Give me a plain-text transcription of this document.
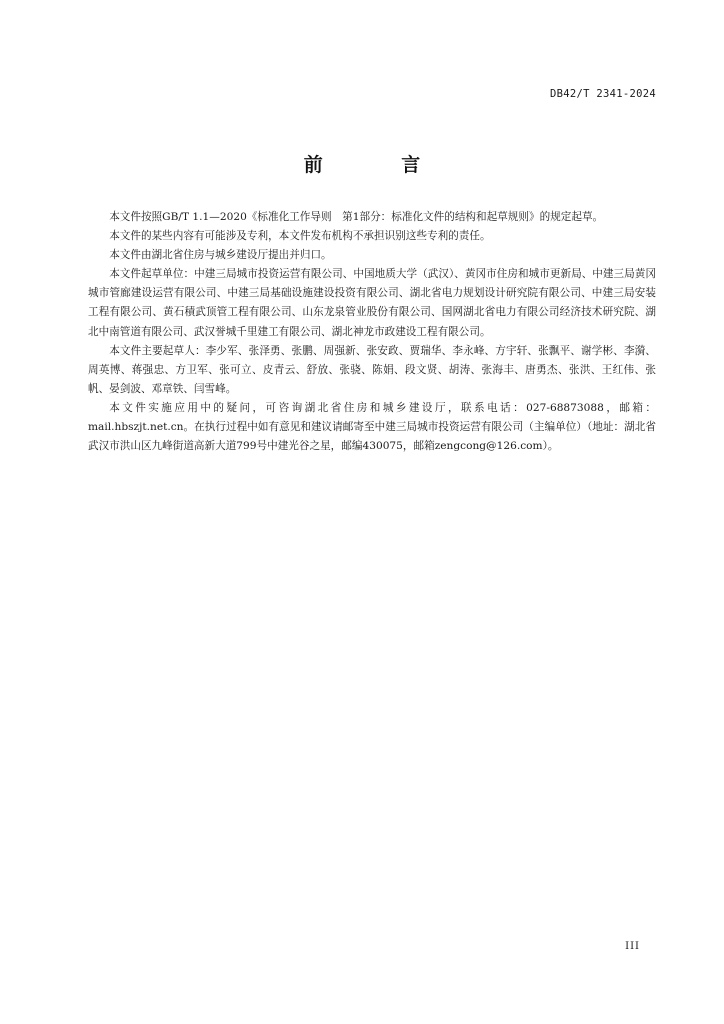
DB42/T 2341-2024
前 言

本文件按照GB/T 1.1—2020《标准化工作导则　第1部分：标准化文件的结构和起草规则》的规定起草。

本文件的某些内容有可能涉及专利，本文件发布机构不承担识别这些专利的责任。

本文件由湖北省住房与城乡建设厅提出并归口。

本文件起草单位：中建三局城市投资运营有限公司、中国地质大学（武汉）、黄冈市住房和城市更新局、中建三局黄冈城市管廊建设运营有限公司、中建三局基础设施建设投资有限公司、湖北省电力规划设计研究院有限公司、中建三局安装工程有限公司、黄石積武顶管工程有限公司、山东龙泉管业股份有限公司、国网湖北省电力有限公司经济技术研究院、湖北中南管道有限公司、武汉誉城千里建工有限公司、湖北神龙市政建设工程有限公司。

本文件主要起草人：李少军、张泽勇、张鹏、周强新、张安政、贾瑞华、李永峰、方宇轩、张飘平、谢学彬、李漪、周英博、蒋强忠、方卫军、张可立、皮青云、舒放、张骁、陈娟、段文贤、胡涛、张海丰、唐勇杰、张洪、王红伟、张帆、晏剑波、邓章铁、闫雪峰。

本文件实施应用中的疑问，可咨询湖北省住房和城乡建设厅，联系电话：027-68873088，邮箱：mail.hbszjt.net.cn。在执行过程中如有意见和建议请邮寄至中建三局城市投资运营有限公司（主编单位）（地址：湖北省武汉市洪山区九峰街道高新大道799号中建光谷之星，邮编430075，邮箱zengcong@126.com）。

III
